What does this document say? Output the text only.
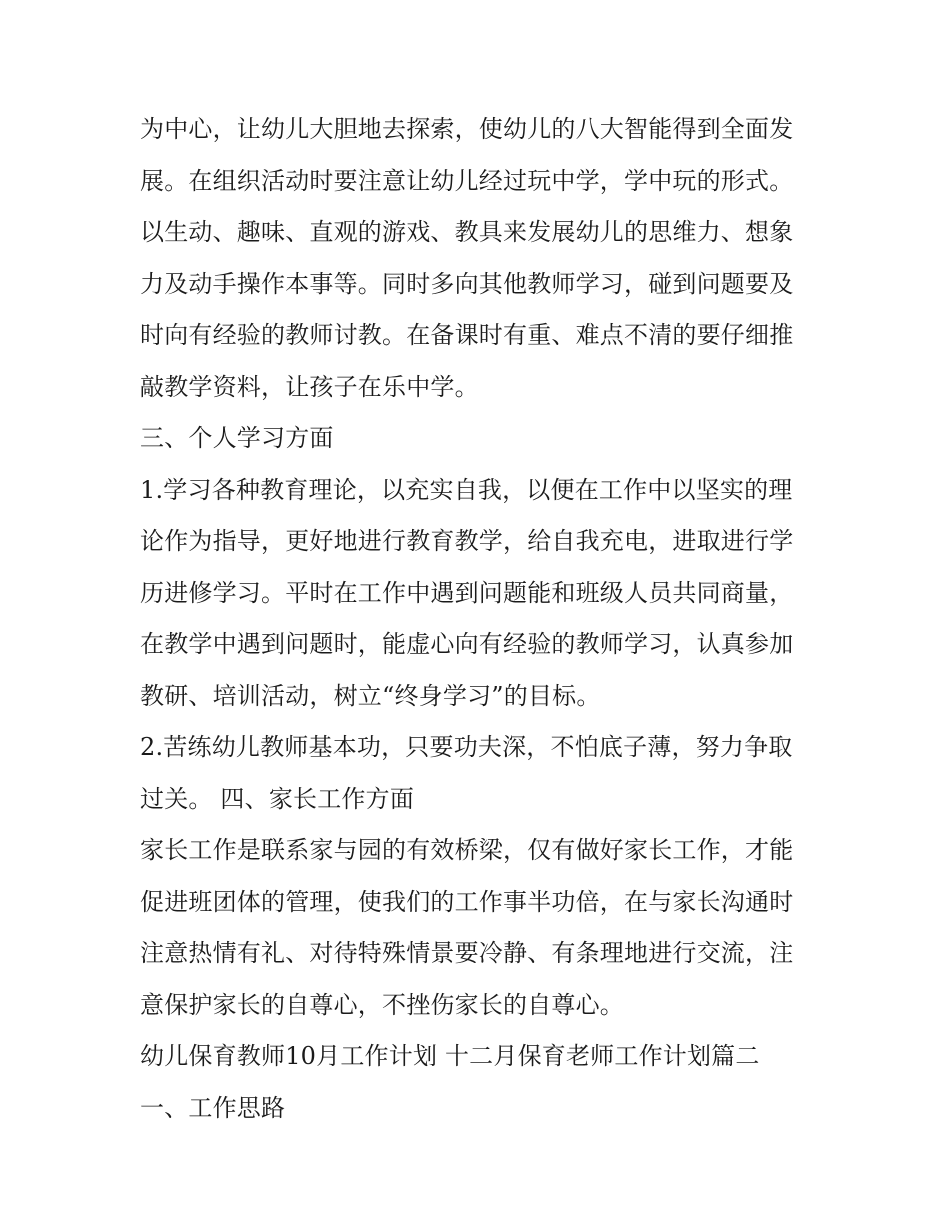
为中心，让幼儿大胆地去探索，使幼儿的八大智能得到全面发
展。在组织活动时要注意让幼儿经过玩中学，学中玩的形式。
以生动、趣味、直观的游戏、教具来发展幼儿的思维力、想象
力及动手操作本事等。同时多向其他教师学习，碰到问题要及
时向有经验的教师讨教。在备课时有重、难点不清的要仔细推
敲教学资料，让孩子在乐中学。
三、个人学习方面
1.学习各种教育理论，以充实自我，以便在工作中以坚实的理
论作为指导，更好地进行教育教学，给自我充电，进取进行学
历进修学习。平时在工作中遇到问题能和班级人员共同商量，
在教学中遇到问题时，能虚心向有经验的教师学习，认真参加
教研、培训活动，树立“终身学习”的目标。
2.苦练幼儿教师基本功，只要功夫深，不怕底子薄，努力争取
过关。 四、家长工作方面
家长工作是联系家与园的有效桥梁，仅有做好家长工作，才能
促进班团体的管理，使我们的工作事半功倍，在与家长沟通时
注意热情有礼、对待特殊情景要冷静、有条理地进行交流，注
意保护家长的自尊心，不挫伤家长的自尊心。
幼儿保育教师10月工作计划 十二月保育老师工作计划篇二
一、工作思路
